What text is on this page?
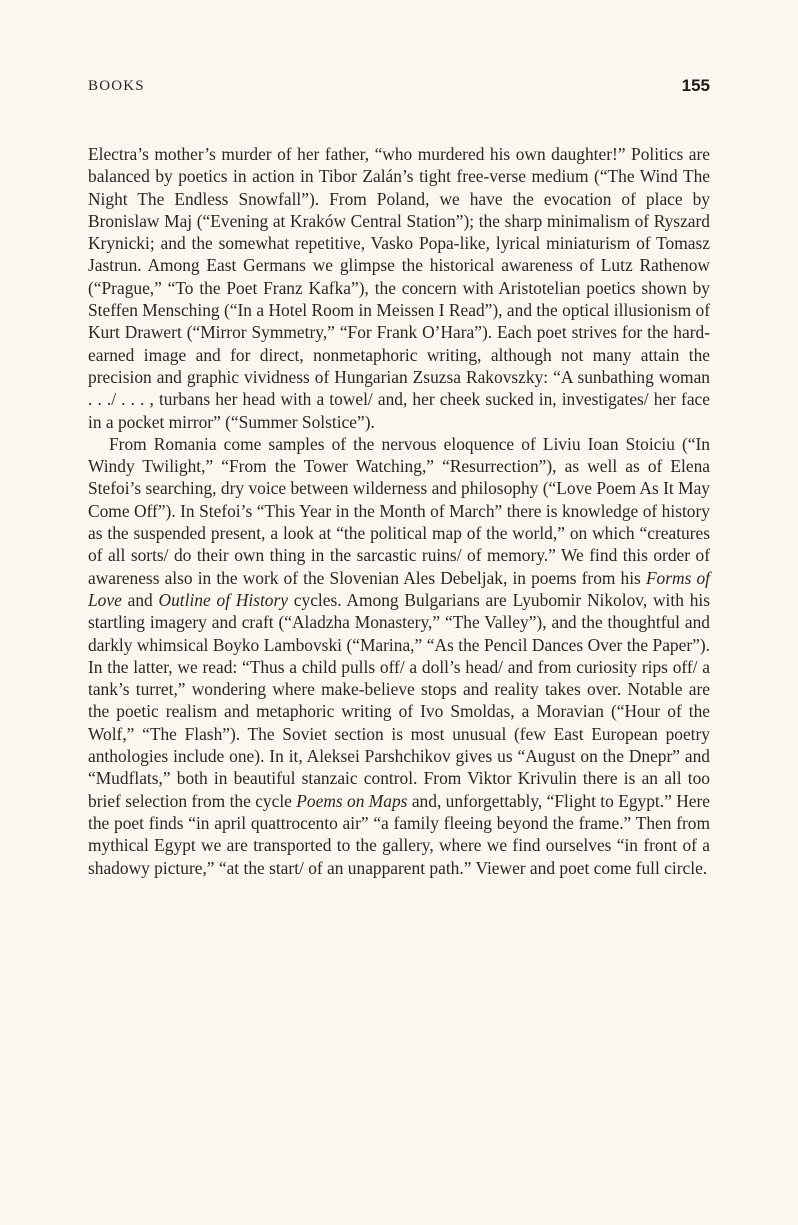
BOOKS	155

Electra’s mother’s murder of her father, “who murdered his own daughter!” Politics are balanced by poetics in action in Tibor Zalán’s tight free-verse medium (“The Wind The Night The Endless Snowfall”). From Poland, we have the evocation of place by Bronislaw Maj (“Evening at Kraków Central Station”); the sharp minimalism of Ryszard Krynicki; and the somewhat repetitive, Vasko Popa-like, lyrical miniaturism of Tomasz Jastrun. Among East Germans we glimpse the historical awareness of Lutz Rathenow (“Prague,” “To the Poet Franz Kafka”), the concern with Aristotelian poetics shown by Steffen Mensching (“In a Hotel Room in Meissen I Read”), and the optical illusionism of Kurt Drawert (“Mirror Symmetry,” “For Frank O’Hara”). Each poet strives for the hard-earned image and for direct, nonmetaphoric writing, although not many attain the precision and graphic vividness of Hungarian Zsuzsa Rakovszky: “A sunbathing woman . . ./ . . . , turbans her head with a towel/ and, her cheek sucked in, investigates/ her face in a pocket mirror” (“Summer Solstice”).

From Romania come samples of the nervous eloquence of Liviu Ioan Stoiciu (“In Windy Twilight,” “From the Tower Watching,” “Resurrection”), as well as of Elena Stefoi’s searching, dry voice between wilderness and philosophy (“Love Poem As It May Come Off”). In Stefoi’s “This Year in the Month of March” there is knowledge of history as the suspended present, a look at “the political map of the world,” on which “creatures of all sorts/ do their own thing in the sarcastic ruins/ of memory.” We find this order of awareness also in the work of the Slovenian Ales Debeljak, in poems from his Forms of Love and Outline of History cycles. Among Bulgarians are Lyubomir Nikolov, with his startling imagery and craft (“Aladzha Monastery,” “The Valley”), and the thoughtful and darkly whimsical Boyko Lambovski (“Marina,” “As the Pencil Dances Over the Paper”). In the latter, we read: “Thus a child pulls off/ a doll’s head/ and from curiosity rips off/ a tank’s turret,” wondering where make-believe stops and reality takes over. Notable are the poetic realism and metaphoric writing of Ivo Smoldas, a Moravian (“Hour of the Wolf,” “The Flash”). The Soviet section is most unusual (few East European poetry anthologies include one). In it, Aleksei Parshchikov gives us “August on the Dnepr” and “Mudflats,” both in beautiful stanzaic control. From Viktor Krivulin there is an all too brief selection from the cycle Poems on Maps and, unforgettably, “Flight to Egypt.” Here the poet finds “in april quattrocento air” “a family fleeing beyond the frame.” Then from mythical Egypt we are transported to the gallery, where we find ourselves “in front of a shadowy picture,” “at the start/ of an unapparent path.” Viewer and poet come full circle.
